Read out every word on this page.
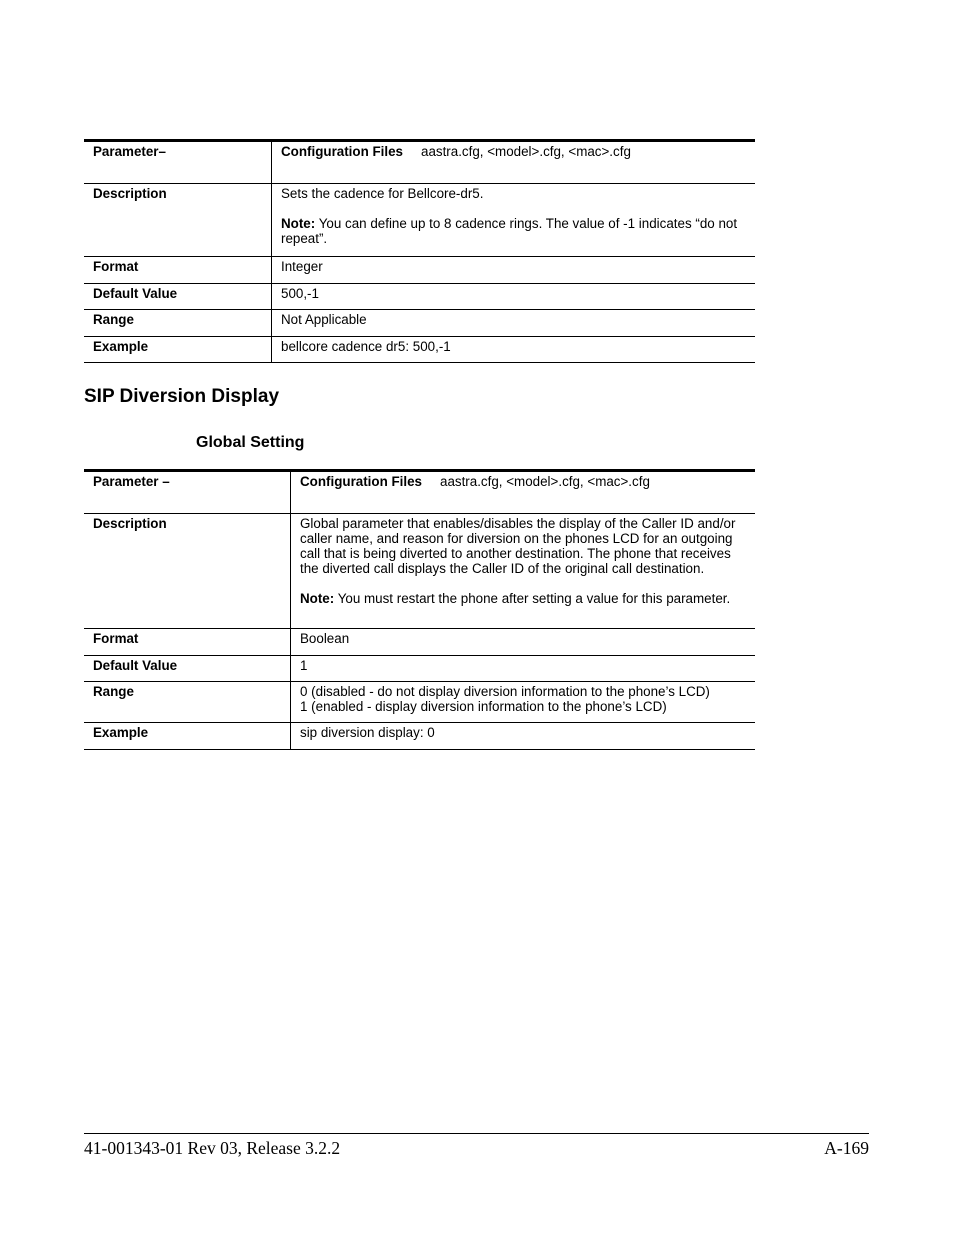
Parameter–	Configuration Files aastra.cfg, <model>.cfg, <mac>.cfg
Description	Sets the cadence for Bellcore-dr5.

Note: You can define up to 8 cadence rings. The value of -1 indicates “do not repeat”.

Format	Integer
Default Value	500,-1
Range	Not Applicable
Example	bellcore cadence dr5: 500,-1
SIP Diversion Display
Global Setting
Parameter –	Configuration Files aastra.cfg, <model>.cfg, <mac>.cfg
Description	Global parameter that enables/disables the display of the Caller ID and/or caller name, and reason for diversion on the phones LCD for an outgoing call that is being diverted to another destination. The phone that receives the diverted call displays the Caller ID of the original call destination.

Note: You must restart the phone after setting a value for this parameter.

Format	Boolean
Default Value	1
Range	0 (disabled - do not display diversion information to the phone’s LCD)
1 (enabled - display diversion information to the phone’s LCD)

Example	sip diversion display: 0
41-001343-01 Rev 03, Release 3.2.2	A-169
